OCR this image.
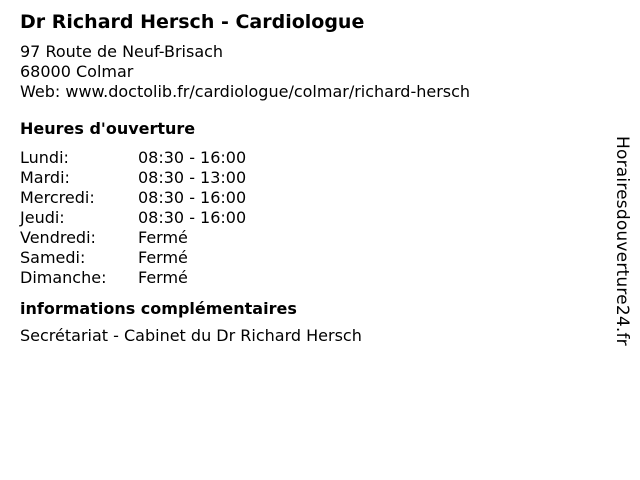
Dr Richard Hersch - Cardiologue
97 Route de Neuf-Brisach
68000 Colmar
Web: www.doctolib.fr/cardiologue/colmar/richard-hersch
Heures d'ouverture
Lundi:	08:30 - 16:00
Mardi:	08:30 - 13:00
Mercredi:	08:30 - 16:00
Jeudi:	08:30 - 16:00
Vendredi:	Fermé
Samedi:	Fermé
Dimanche:	Fermé
informations complémentaires
Secrétariat - Cabinet du Dr Richard Hersch	Horairesdouverture24.fr
